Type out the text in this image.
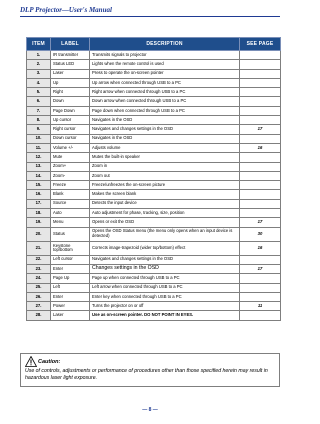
DLP Projector—User's Manual
ITEM	LABEL	DESCRIPTION	SEE PAGE
1.	IR transmitter	Transmits signals to projector	
2.	Status LED	Lights when the remote control is used	
3.	Laser	Press to operate the on-screen pointer	
4.	Up	Up arrow when connected through USB to a PC	
5.	Right	Right arrow when connected through USB to a PC	
6.	Down	Down arrow when connected through USB to a PC	
7.	Page Down	Page down when connected through USB to a PC	
8.	Up cursor	Navigates in the OSD	
9.	Right cursor	Navigates and changes settings in the OSD	17
10.	Down cursor	Navigates in the OSD	
11.	Volume +/-	Adjusts volume	16
12.	Mute	Mutes the built-in speaker	
13.	Zoom+	Zoom in	
14.	Zoom-	Zoom out	
15.	Freeze	Freeze/unfreezes the on-screen picture	
16.	Blank	Makes the screen blank	
17.	Source	Detects the input device	
18.	Auto	Auto adjustment for phase, tracking, size, position	
19.	Menu	Opens or exit the OSD	17
20.	Status	Opens the OSD Status menu (the menu only opens when an input device is detected)	30
21.	Keystone top/bottom	Corrects image-trapezoid (wider top/bottom) effect	16
22.	Left cursor	Navigates and changes settings in the OSD	
23.	Enter	Changes settings in the OSD	17
24.	Page Up	Page up when connected through USB to a PC	
25.	Left	Left arrow when connected through USB to a PC	
26.	Enter	Enter key when connected through USB to a PC	
27.	Power	Turns the projector on or off	11
28.	Laser	Use as on-screen pointer. DO NOT POINT IN EYES.	
Caution:
Use of controls, adjustments or performance of procedures other than those specified herein may result in hazardous laser light exposure.
— 8 —
